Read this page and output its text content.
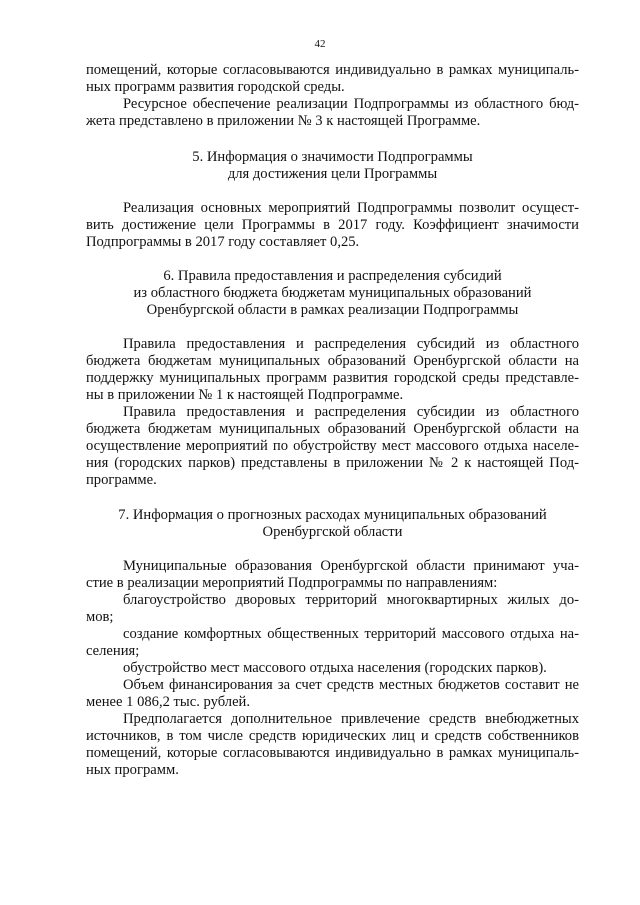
42
помещений, которые согласовываются индивидуально в рамках муниципаль-
ных программ развития городской среды.
Ресурсное обеспечение реализации Подпрограммы из областного бюд-
жета представлено в приложении № 3 к настоящей Программе.
5. Информация о значимости Подпрограммы
для достижения цели Программы
Реализация основных мероприятий Подпрограммы позволит осущест-
вить достижение цели Программы в 2017 году. Коэффициент значимости
Подпрограммы в 2017 году составляет 0,25.
6. Правила предоставления и распределения субсидий
из областного бюджета бюджетам муниципальных образований
Оренбургской области в рамках реализации Подпрограммы
Правила предоставления и распределения субсидий из областного
бюджета бюджетам муниципальных образований Оренбургской области на
поддержку муниципальных программ развития городской среды представле-
ны в приложении № 1 к настоящей Подпрограмме.
Правила предоставления и распределения субсидии из областного
бюджета бюджетам муниципальных образований Оренбургской области на
осуществление мероприятий по обустройству мест массового отдыха населе-
ния (городских парков) представлены в приложении № 2 к настоящей Под-
программе.
7. Информация о прогнозных расходах муниципальных образований
Оренбургской области
Муниципальные образования Оренбургской области принимают уча-
стие в реализации мероприятий Подпрограммы по направлениям:
благоустройство дворовых территорий многоквартирных жилых до-
мов;
создание комфортных общественных территорий массового отдыха на-
селения;
обустройство мест массового отдыха населения (городских парков).
Объем финансирования за счет средств местных бюджетов составит не
менее 1 086,2 тыс. рублей.
Предполагается дополнительное привлечение средств внебюджетных
источников, в том числе средств юридических лиц и средств собственников
помещений, которые согласовываются индивидуально в рамках муниципаль-
ных программ.
